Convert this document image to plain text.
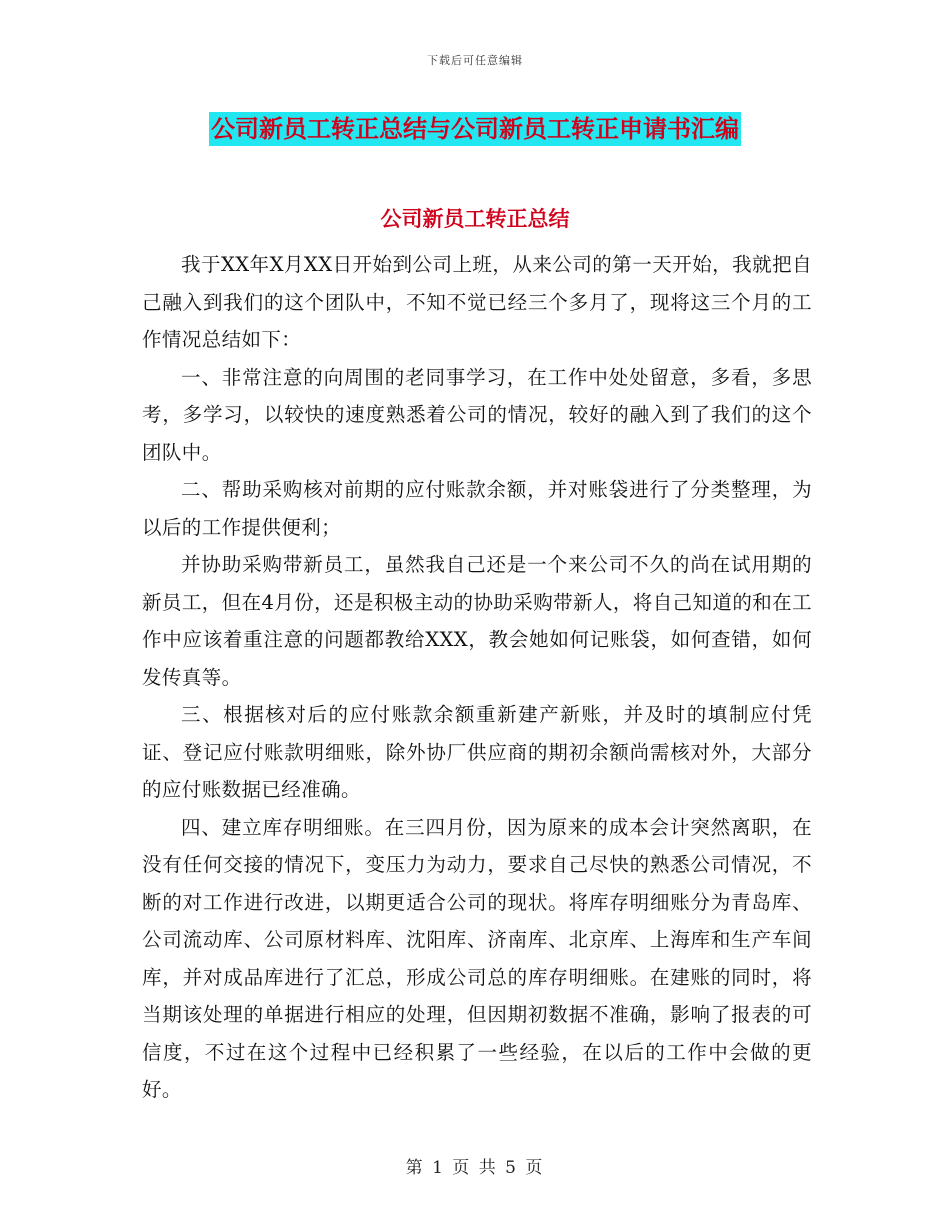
下载后可任意编辑
公司新员工转正总结与公司新员工转正申请书汇编
公司新员工转正总结

我于XX年X月XX日开始到公司上班，从来公司的第一天开始，我就把自己融入到我们的这个团队中，不知不觉已经三个多月了，现将这三个月的工作情况总结如下：

一、非常注意的向周围的老同事学习，在工作中处处留意，多看，多思考，多学习，以较快的速度熟悉着公司的情况，较好的融入到了我们的这个团队中。

二、帮助采购核对前期的应付账款余额，并对账袋进行了分类整理，为以后的工作提供便利；

并协助采购带新员工，虽然我自己还是一个来公司不久的尚在试用期的新员工，但在4月份，还是积极主动的协助采购带新人，将自己知道的和在工作中应该着重注意的问题都教给XXX，教会她如何记账袋，如何查错，如何发传真等。

三、根据核对后的应付账款余额重新建产新账，并及时的填制应付凭证、登记应付账款明细账，除外协厂供应商的期初余额尚需核对外，大部分的应付账数据已经准确。

四、建立库存明细账。在三四月份，因为原来的成本会计突然离职，在没有任何交接的情况下，变压力为动力，要求自己尽快的熟悉公司情况，不断的对工作进行改进，以期更适合公司的现状。将库存明细账分为青岛库、公司流动库、公司原材料库、沈阳库、济南库、北京库、上海库和生产车间库，并对成品库进行了汇总，形成公司总的库存明细账。在建账的同时，将当期该处理的单据进行相应的处理，但因期初数据不准确，影响了报表的可信度，不过在这个过程中已经积累了一些经验，在以后的工作中会做的更好。

第 1 页 共 5 页
